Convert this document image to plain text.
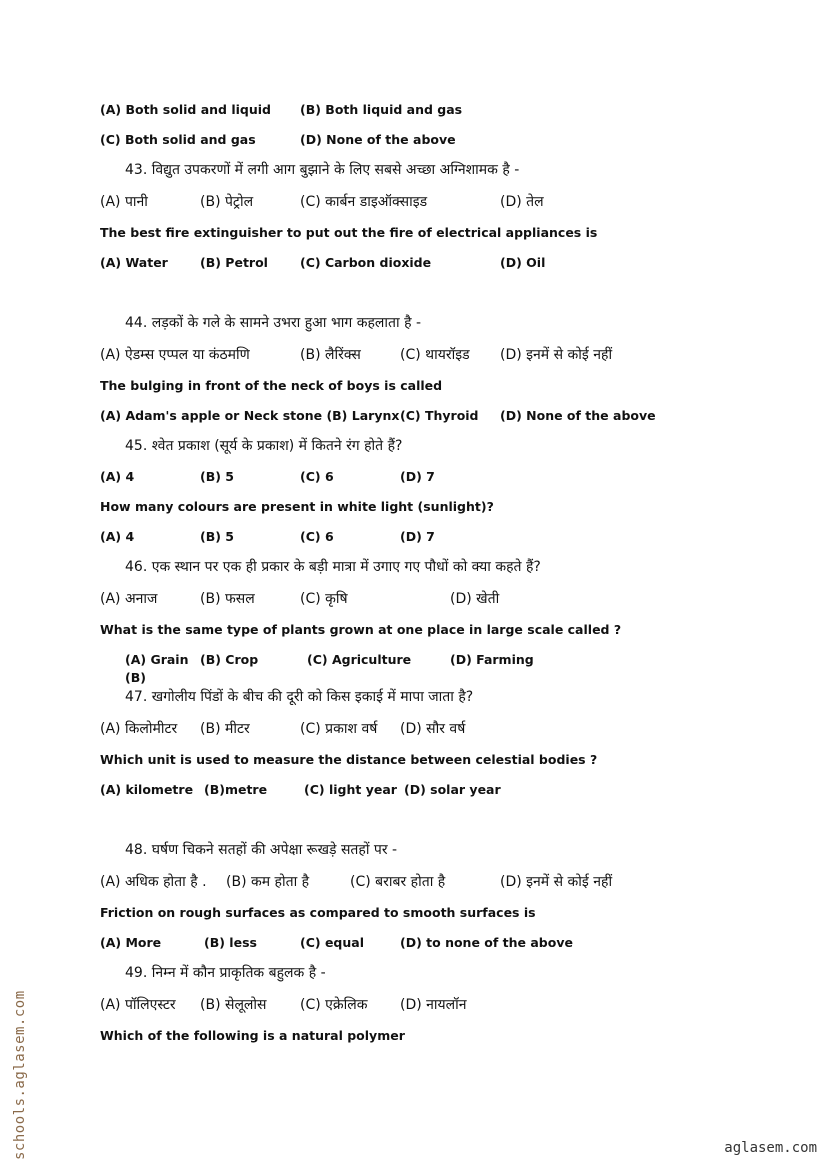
(A) Both solid and liquid (B) Both liquid and gas
(C) Both solid and gas	(D) None of the above
43. विद्युत उपकरणों में लगी आग बुझाने के लिए सबसे अच्छा अग्निशामक है -
(A) पानी	(B) पेट्रोल	(C) कार्बन डाइऑक्साइड	(D) तेल
The best fire extinguisher to put out the fire of electrical appliances is
(A) Water	(B) Petrol	(C) Carbon dioxide	(D) Oil
44. लड़कों के गले के सामने उभरा हुआ भाग कहलाता है -
(A) ऐडम्स एप्पल या कंठमणि	(B) लैरिंक्स	(C) थायरॉइड (D) इनमें से कोई नहीं
The bulging in front of the neck of boys is called
(A) Adam's apple or Neck stone (B) Larynx (C) Thyroid (D) None of the above
45. श्वेत प्रकाश (सूर्य के प्रकाश) में कितने रंग होते हैं?
(A) 4	(B) 5	(C) 6	(D) 7
How many colours are present in white light (sunlight)?
(A) 4	(B) 5	(C) 6	(D) 7
46. एक स्थान पर एक ही प्रकार के बड़ी मात्रा में उगाए गए पौधों को क्या कहते हैं?
(A) अनाज	(B) फसल	(C) कृषि	(D) खेती
What is the same type of plants grown at one place in large scale called ?
(A) Grain (B) Crop	(C) Agriculture	(D) Farming
(B)
47. खगोलीय पिंडों के बीच की दूरी को किस इकाई में मापा जाता है?
(A) किलोमीटर (B) मीटर	(C) प्रकाश वर्ष (D) सौर वर्ष
Which unit is used to measure the distance between celestial bodies ?
(A) kilometre (B)metre	(C) light year (D) solar year
48. घर्षण चिकने सतहों की अपेक्षा रूखड़े सतहों पर -
(A) अधिक होता है . (B) कम होता है	(C) बराबर होता है	(D) इनमें से कोई नहीं
Friction on rough surfaces as compared to smooth surfaces is
(A) More	(B) less	(C) equal	(D) to none of the above
49. निम्न में कौन प्राकृतिक बहुलक है -
(A) पॉलिएस्टर (B) सेलूलोस (C) एक्रेलिक (D) नायलॉन
Which of the following is a natural polymer
schools.aglasem.com	aglasem.com
